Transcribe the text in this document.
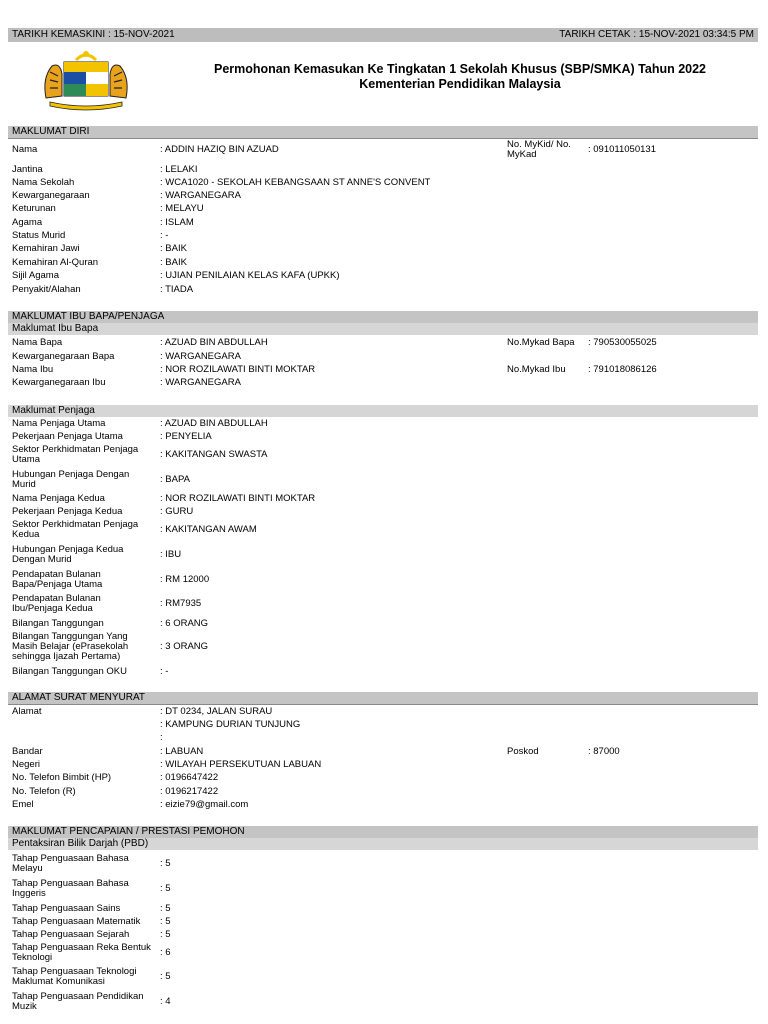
TARIKH KEMASKINI : 15-NOV-2021	TARIKH CETAK : 15-NOV-2021 03:34:5 PM
Permohonan Kemasukan Ke Tingkatan 1 Sekolah Khusus (SBP/SMKA) Tahun 2022
Kementerian Pendidikan Malaysia
MAKLUMAT DIRI
Nama	: ADDIN HAZIQ BIN AZUAD	No. MyKid/ No. MyKad	: 091011050131
Jantina	: LELAKI
Nama Sekolah	: WCA1020 - SEKOLAH KEBANGSAAN ST ANNE'S CONVENT
Kewarganegaraan	: WARGANEGARA
Keturunan	: MELAYU
Agama	: ISLAM
Status Murid	: -
Kemahiran Jawi	: BAIK
Kemahiran Al-Quran	: BAIK
Sijil Agama	: UJIAN PENILAIAN KELAS KAFA (UPKK)
Penyakit/Alahan	: TIADA
MAKLUMAT IBU BAPA/PENJAGA
Maklumat Ibu Bapa
Nama Bapa	: AZUAD BIN ABDULLAH	No.Mykad Bapa	: 790530055025
Kewarganegaraan Bapa	: WARGANEGARA
Nama Ibu	: NOR ROZILAWATI BINTI MOKTAR	No.Mykad Ibu	: 791018086126
Kewarganegaraan Ibu	: WARGANEGARA
Maklumat Penjaga
Nama Penjaga Utama	: AZUAD BIN ABDULLAH
Pekerjaan Penjaga Utama	: PENYELIA
Sektor Perkhidmatan Penjaga Utama	: KAKITANGAN SWASTA
Hubungan Penjaga Dengan Murid	: BAPA
Nama Penjaga Kedua	: NOR ROZILAWATI BINTI MOKTAR
Pekerjaan Penjaga Kedua	: GURU
Sektor Perkhidmatan Penjaga Kedua	: KAKITANGAN AWAM
Hubungan Penjaga Kedua Dengan Murid	: IBU
Pendapatan Bulanan Bapa/Penjaga Utama	: RM 12000
Pendapatan Bulanan Ibu/Penjaga Kedua	: RM7935
Bilangan Tanggungan	: 6 ORANG
Bilangan Tanggungan Yang Masih Belajar (ePrasekolah sehingga Ijazah Pertama)
: 3 ORANG
Bilangan Tanggungan OKU	: -
ALAMAT SURAT MENYURAT
Alamat	: DT 0234, JALAN SURAU
: KAMPUNG DURIAN TUNJUNG
:
Bandar	: LABUAN	Poskod	: 87000
Negeri	: WILAYAH PERSEKUTUAN LABUAN
No. Telefon Bimbit (HP)	: 0196647422
No. Telefon (R)	: 0196217422
Emel	: eizie79@gmail.com
MAKLUMAT PENCAPAIAN / PRESTASI PEMOHON
Pentaksiran Bilik Darjah (PBD)
Tahap Penguasaan Bahasa Melayu	: 5
Tahap Penguasaan Bahasa Inggeris	: 5
Tahap Penguasaan Sains	: 5
Tahap Penguasaan Matematik	: 5
Tahap Penguasaan Sejarah	: 5
Tahap Penguasaan Reka Bentuk Teknologi	: 6
Tahap Penguasaan Teknologi Maklumat Komunikasi	: 5
Tahap Penguasaan Pendidikan Muzik	: 4
